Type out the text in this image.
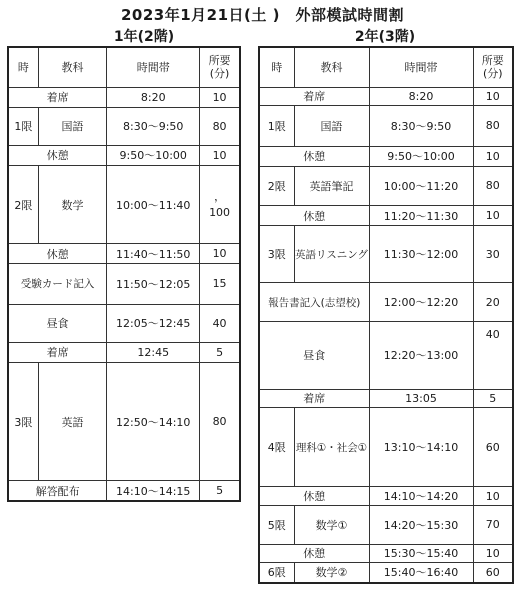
2023年1月21日(土 )　外部模試時間割
1年(2階)	2年(3階)
時	教科	時間帯	所要
(分)
着席		8:20	10
1限	国語	8:30〜9:50	80
休憩		9:50〜10:00	10
2限	数学	10:00〜11:40	，
100
休憩		11:40〜11:50	10
受験カード記入		11:50〜12:05	15
昼食		12:05〜12:45	40
着席		12:45	5
3限	英語	12:50〜14:10	80
解答配布		14:10〜14:15	5
時	教科	時間帯	所要
(分)
着席		8:20	10
1限	国語	8:30〜9:50	80
休憩		9:50〜10:00	10
2限	英語筆記	10:00〜11:20	80
休憩		11:20〜11:30	10
3限	英語リスニング	11:30〜12:00	30
報告書記入(志望校)		12:00〜12:20	20
昼食		12:20〜13:00	40
着席		13:05	5
4限	理科①・社会①	13:10〜14:10	60
休憩		14:10〜14:20	10
5限	数学①	14:20〜15:30	70
休憩		15:30〜15:40	10
6限	数学②	15:40〜16:40	60
